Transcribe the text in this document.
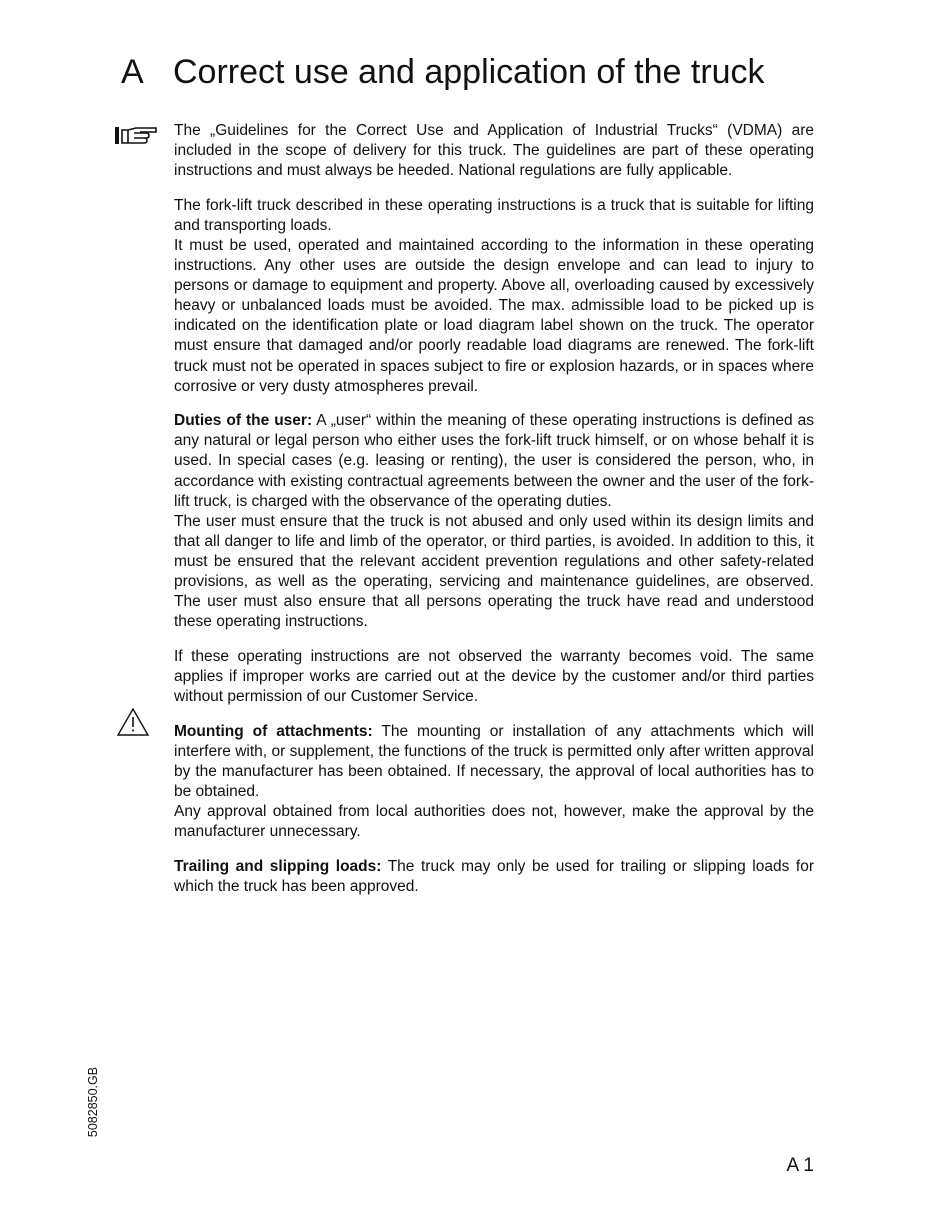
A Correct use and application of the truck

The „Guidelines for the Correct Use and Application of Industrial Trucks“ (VDMA) are included in the scope of delivery for this truck. The guidelines are part of these operating instructions and must always be heeded. National regulations are fully applicable.

The fork-lift truck described in these operating instructions is a truck that is suitable for lifting and transporting loads.

It must be used, operated and maintained according to the information in these operating instructions. Any other uses are outside the design envelope and can lead to injury to persons or damage to equipment and property. Above all, overloading caused by excessively heavy or unbalanced loads must be avoided. The max. admissible load to be picked up is indicated on the identification plate or load diagram label shown on the truck. The operator must ensure that damaged and/or poorly readable load diagrams are renewed. The fork-lift truck must not be operated in spaces subject to fire or explosion hazards, or in spaces where corrosive or very dusty atmospheres prevail.

Duties of the user: A „user“ within the meaning of these operating instructions is defined as any natural or legal person who either uses the fork-lift truck himself, or on whose behalf it is used. In special cases (e.g. leasing or renting), the user is considered the person, who, in accordance with existing contractual agreements between the owner and the user of the fork-lift truck, is charged with the observance of the operating duties.

The user must ensure that the truck is not abused and only used within its design limits and that all danger to life and limb of the operator, or third parties, is avoided. In addition to this, it must be ensured that the relevant accident prevention regulations and other safety-related provisions, as well as the operating, servicing and maintenance guidelines, are observed. The user must also ensure that all persons operating the truck have read and understood these operating instructions.

If these operating instructions are not observed the warranty becomes void. The same applies if improper works are carried out at the device by the customer and/or third parties without permission of our Customer Service.

Mounting of attachments: The mounting or installation of any attachments which will interfere with, or supplement, the functions of the truck is permitted only after written approval by the manufacturer has been obtained. If necessary, the approval of local authorities has to be obtained.

Any approval obtained from local authorities does not, however, make the approval by the manufacturer unnecessary.

Trailing and slipping loads: The truck may only be used for trailing or slipping loads for which the truck has been approved.

5082850.GB
A 1
